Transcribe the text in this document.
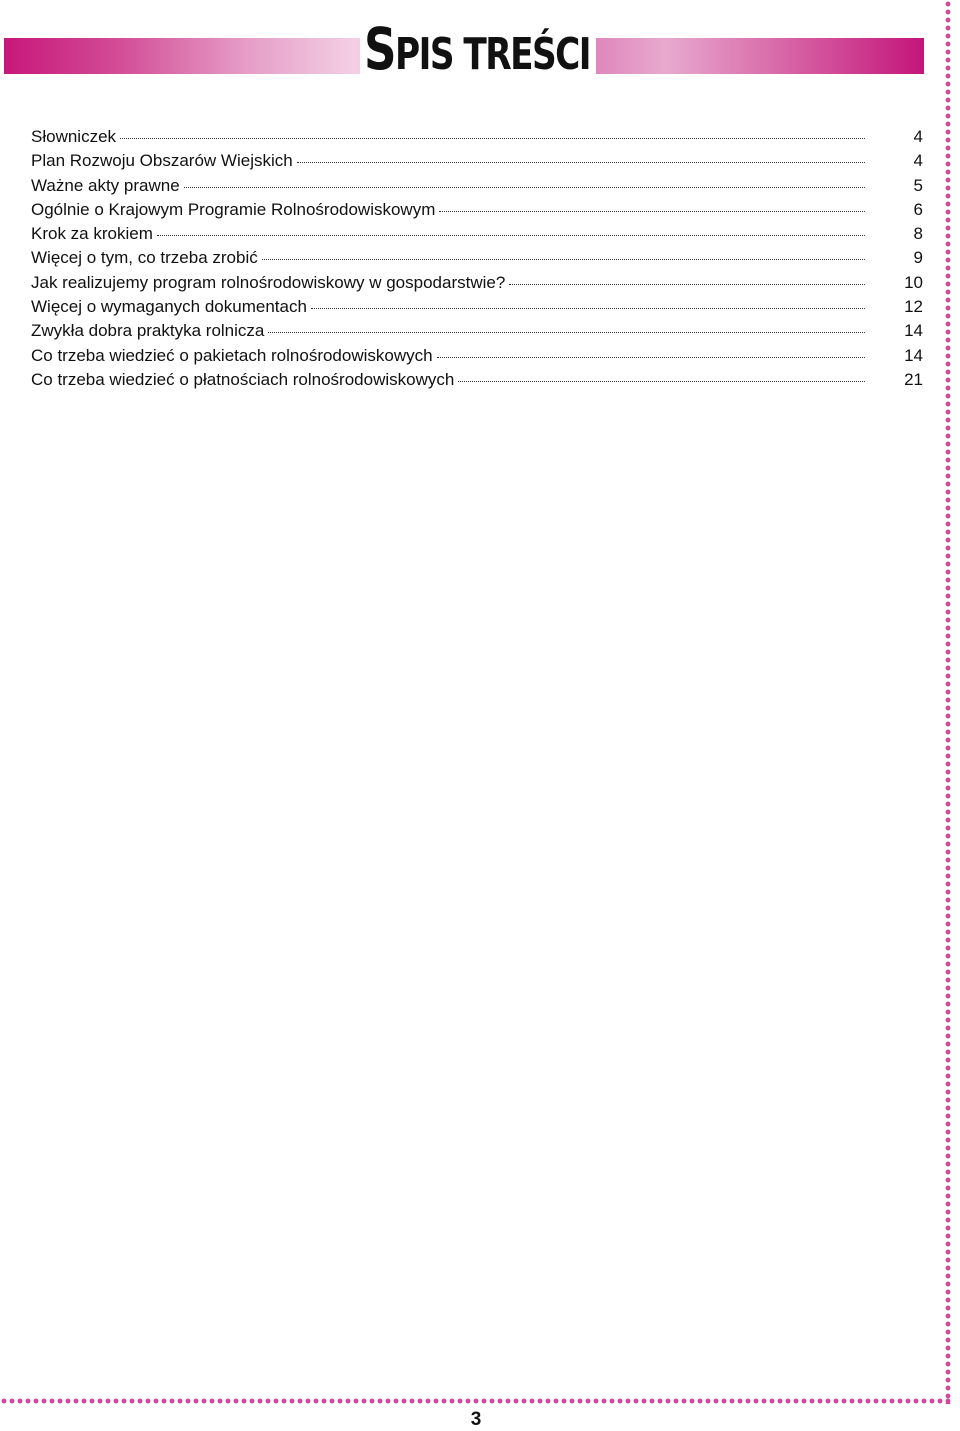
SPIS TREŚCI
Słowniczek	4
Plan Rozwoju Obszarów Wiejskich	4
Ważne akty prawne	5
Ogólnie o Krajowym Programie Rolnośrodowiskowym	6
Krok za krokiem	8
Więcej o tym, co trzeba zrobić	9
Jak realizujemy program rolnośrodowiskowy w gospodarstwie?	10
Więcej o wymaganych dokumentach	12
Zwykła dobra praktyka rolnicza	14
Co trzeba wiedzieć o pakietach rolnośrodowiskowych	14
Co trzeba wiedzieć o płatnościach rolnośrodowiskowych	21
3
